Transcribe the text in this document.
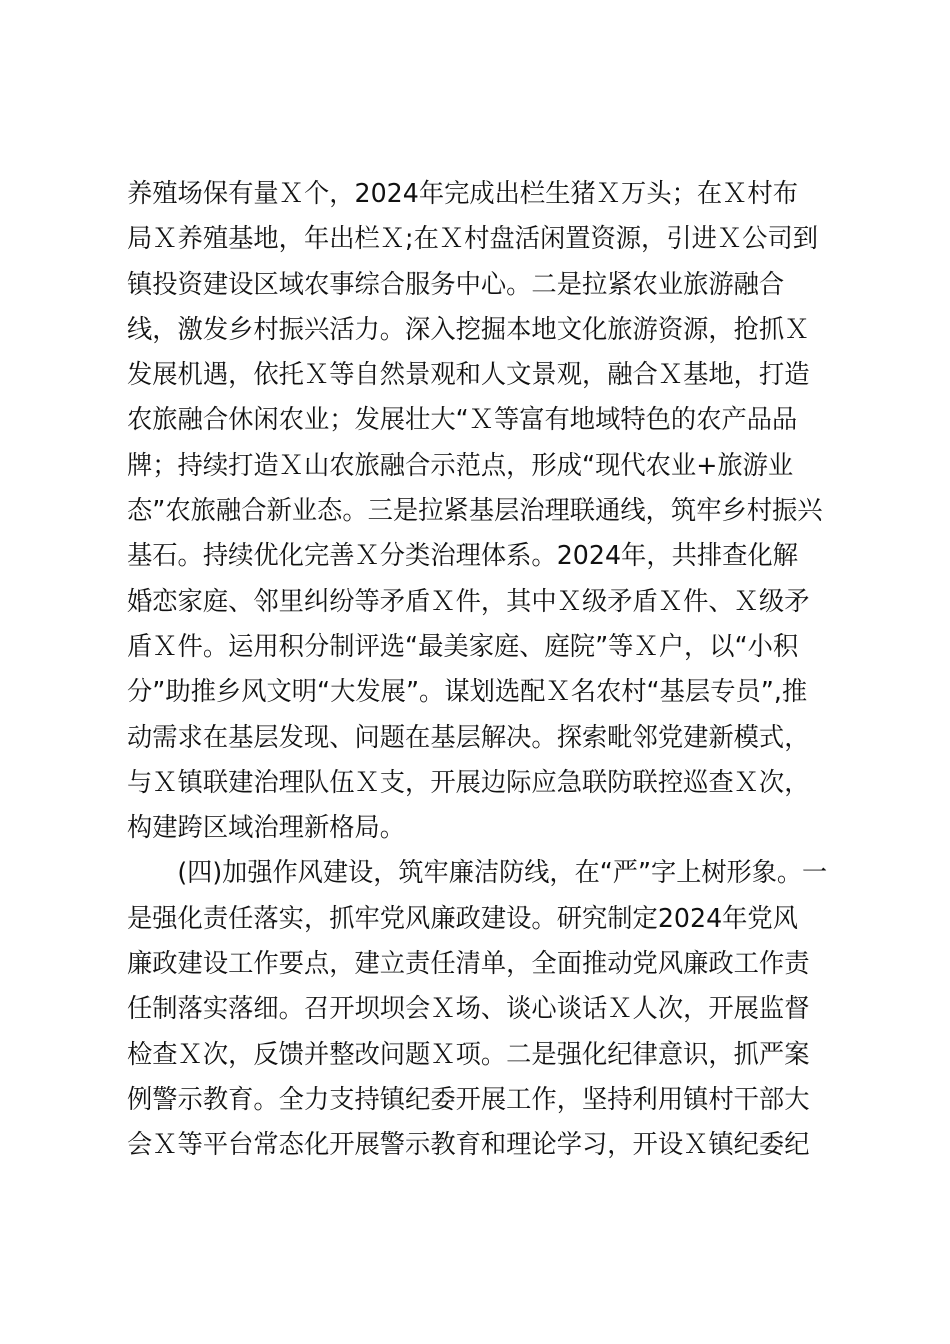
养殖场保有量Ｘ个，2024年完成出栏生猪Ｘ万头；在Ｘ村布
局Ｘ养殖基地，年出栏Ｘ;在Ｘ村盘活闲置资源，引进Ｘ公司到
镇投资建设区域农事综合服务中心。二是拉紧农业旅游融合
线，激发乡村振兴活力。深入挖掘本地文化旅游资源，抢抓Ｘ
发展机遇，依托Ｘ等自然景观和人文景观，融合Ｘ基地，打造
农旅融合休闲农业；发展壮大“Ｘ等富有地域特色的农产品品
牌；持续打造Ｘ山农旅融合示范点，形成“现代农业+旅游业
态”农旅融合新业态。三是拉紧基层治理联通线，筑牢乡村振兴
基石。持续优化完善Ｘ分类治理体系。2024年，共排查化解
婚恋家庭、邻里纠纷等矛盾Ｘ件，其中Ｘ级矛盾Ｘ件、Ｘ级矛
盾Ｘ件。运用积分制评选“最美家庭、庭院”等Ｘ户，以“小积
分”助推乡风文明“大发展”。谋划选配Ｘ名农村“基层专员”,推
动需求在基层发现、问题在基层解决。探索毗邻党建新模式，
与Ｘ镇联建治理队伍Ｘ支，开展边际应急联防联控巡查Ｘ次，
构建跨区域治理新格局。
　　(四)加强作风建设，筑牢廉洁防线，在“严”字上树形象。一
是强化责任落实，抓牢党风廉政建设。研究制定2024年党风
廉政建设工作要点，建立责任清单，全面推动党风廉政工作责
任制落实落细。召开坝坝会Ｘ场、谈心谈话Ｘ人次，开展监督
检查Ｘ次，反馈并整改问题Ｘ项。二是强化纪律意识，抓严案
例警示教育。全力支持镇纪委开展工作，坚持利用镇村干部大
会Ｘ等平台常态化开展警示教育和理论学习，开设Ｘ镇纪委纪
